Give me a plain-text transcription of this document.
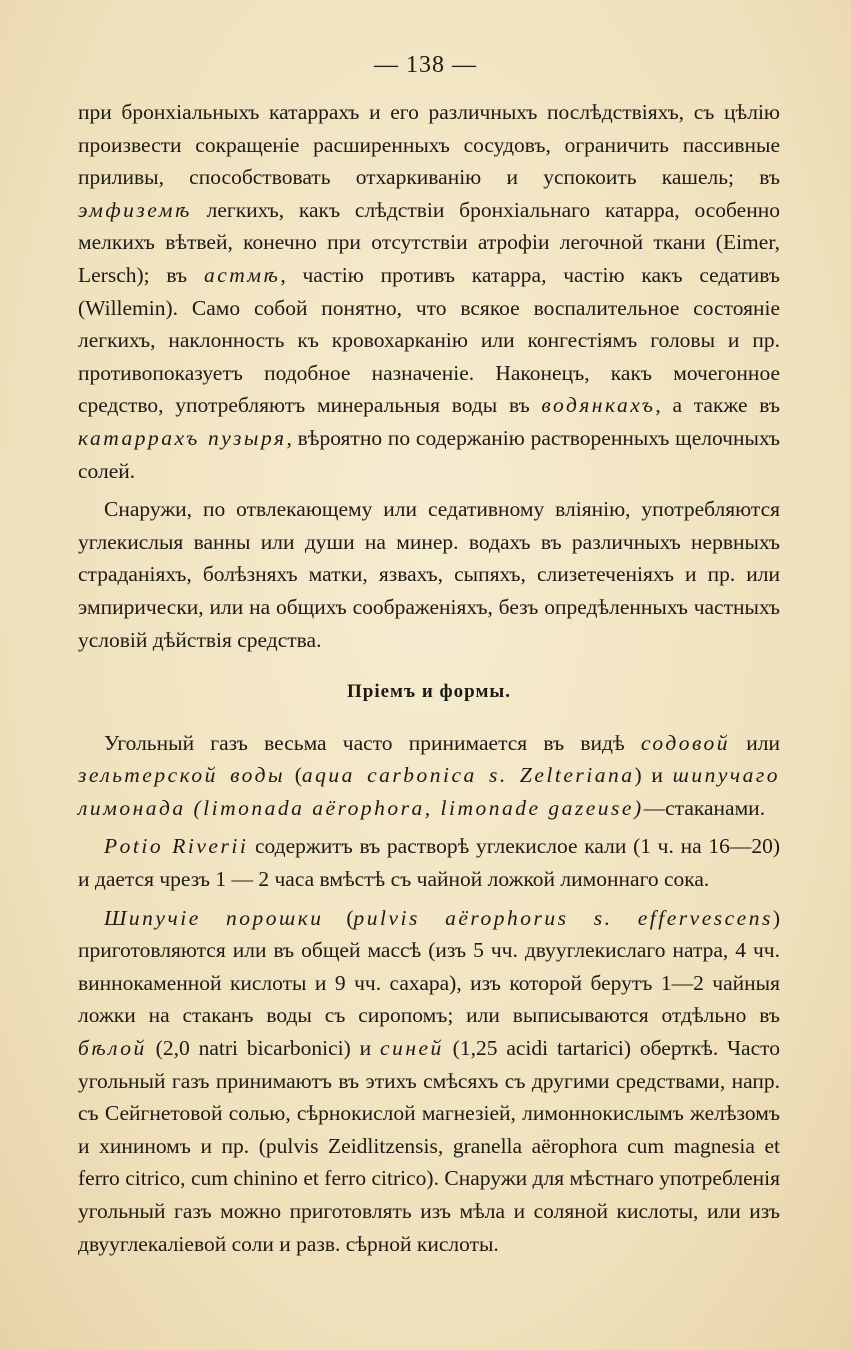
— 138 —

при бронхіальныхъ катаррахъ и его различныхъ послѣдствіяхъ, съ цѣлію произвести сокращеніе расширенныхъ сосудовъ, ограничить пассивные приливы, способствовать отхаркиванію и успокоить кашель; въ эмфиземѣ легкихъ, какъ слѣдствіи бронхіальнаго катарра, особенно мелкихъ вѣтвей, конечно при отсутствіи атрофіи легочной ткани (Eimer, Lersch); въ астмѣ, частію противъ катарра, частію какъ седативъ (Willemin). Само собой понятно, что всякое воспалительное состояніе легкихъ, наклонность къ кровохарканію или конгестіямъ головы и пр. противопоказуетъ подобное назначеніе. Наконецъ, какъ мочегонное средство, употребляютъ минеральныя воды въ водянкахъ, а также въ катаррахъ пузыря, вѣроятно по содержанію растворенныхъ щелочныхъ солей.

Снаружи, по отвлекающему или седативному вліянію, употребляются углекислыя ванны или души на минер. водахъ въ различныхъ нервныхъ страданіяхъ, болѣзняхъ матки, язвахъ, сыпяхъ, слизетеченіяхъ и пр. или эмпирически, или на общихъ соображеніяхъ, безъ опредѣленныхъ частныхъ условій дѣйствія средства.

Пріемъ и формы.

Угольный газъ весьма часто принимается въ видѣ содовой или зельтерской воды (aqua carbonica s. Zelteriana) и шипучаго лимонада (limonada aёrophora, limonade gazeuse)—стаканами.

Potio Riverii содержитъ въ растворѣ углекислое кали (1 ч. на 16—20) и дается чрезъ 1 — 2 часа вмѣстѣ съ чайной ложкой лимоннаго сока.

Шипучіе порошки (pulvis aёrophorus s. effervescens) приготовляются или въ общей массѣ (изъ 5 чч. двууглекислаго натра, 4 чч. виннокаменной кислоты и 9 чч. сахара), изъ которой берутъ 1—2 чайныя ложки на стаканъ воды съ сиропомъ; или выписываются отдѣльно въ бѣлой (2,0 natri bicarbonici) и синей (1,25 acidi tartarici) оберткѣ. Часто угольный газъ принимаютъ въ этихъ смѣсяхъ съ другими средствами, напр. съ Сейгнетовой солью, сѣрнокислой магнезіей, лимоннокислымъ желѣзомъ и хининомъ и пр. (pulvis Zeidlitzensis, granella aёrophora cum magnesia et ferro citrico, cum chinino et ferro citrico). Снаружи для мѣстнаго употребленія угольный газъ можно приготовлять изъ мѣла и соляной кислоты, или изъ двууглекаліевой соли и разв. сѣрной кислоты.
